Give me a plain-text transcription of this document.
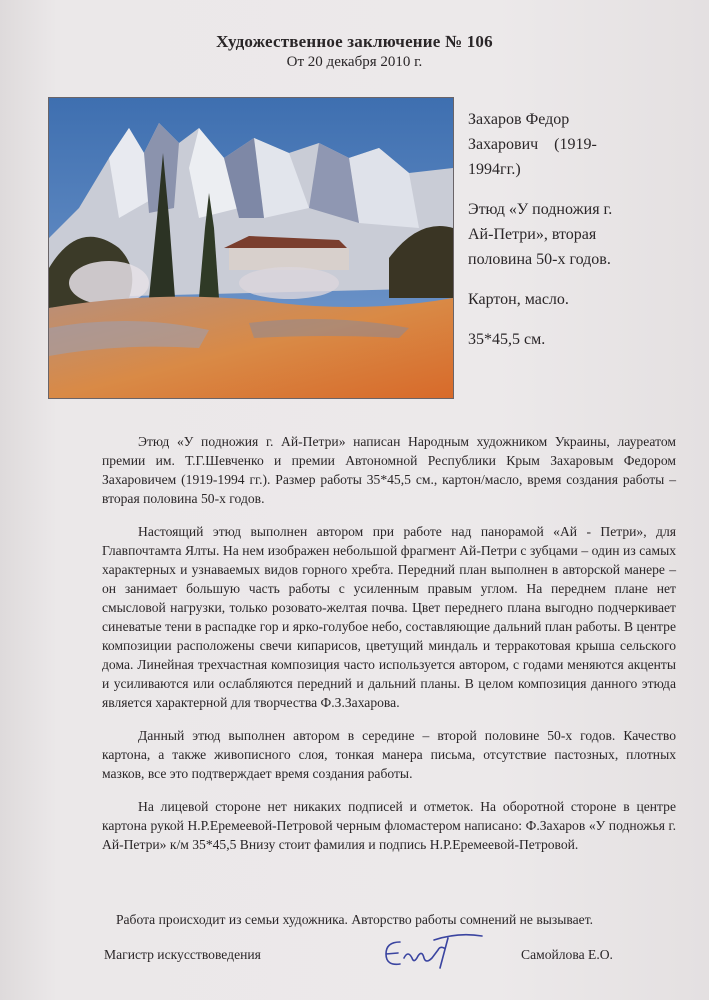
Художественное заключение № 106
От 20 декабря 2010 г.

Захаров Федор
Захарович    (1919-
1994гг.)

Этюд «У подножия г.
Ай-Петри», вторая
половина 50-х годов.

Картон, масло.

35*45,5 см.

Этюд «У подножия г. Ай-Петри» написан Народным художником Украины, лауреатом премии им. Т.Г.Шевченко и премии Автономной Республики Крым Захаровым Федором Захаровичем (1919-1994 гг.). Размер работы 35*45,5 см., картон/масло, время создания работы – вторая половина 50-х годов.

Настоящий этюд выполнен автором при работе над панорамой «Ай - Петри», для Главпочтамта Ялты. На нем изображен небольшой фрагмент Ай-Петри с зубцами – один из самых характерных и узнаваемых видов горного хребта. Передний план выполнен в авторской манере – он занимает большую часть работы с усиленным правым углом. На переднем плане нет смысловой нагрузки, только розовато-желтая почва. Цвет переднего плана выгодно подчеркивает синеватые тени в распадке гор и ярко-голубое небо, составляющие дальний план работы. В центре композиции расположены свечи кипарисов, цветущий миндаль и терракотовая крыша сельского дома. Линейная трехчастная композиция часто используется автором, с годами меняются акценты и усиливаются или ослабляются передний и дальний планы. В целом композиция данного этюда является характерной для творчества Ф.З.Захарова.

Данный этюд выполнен автором в середине – второй половине 50-х годов. Качество картона, а также живописного слоя, тонкая манера письма, отсутствие пастозных, плотных мазков, все это подтверждает время создания работы.

На лицевой стороне нет никаких подписей и отметок. На оборотной стороне в центре картона рукой Н.Р.Еремеевой-Петровой черным фломастером написано: Ф.Захаров «У подножья г. Ай-Петри» к/м 35*45,5 Внизу стоит фамилия и подпись Н.Р.Еремеевой-Петровой.

Работа происходит из семьи художника. Авторство работы сомнений не вызывает.
Магистр искусствоведения	Самойлова Е.О.
